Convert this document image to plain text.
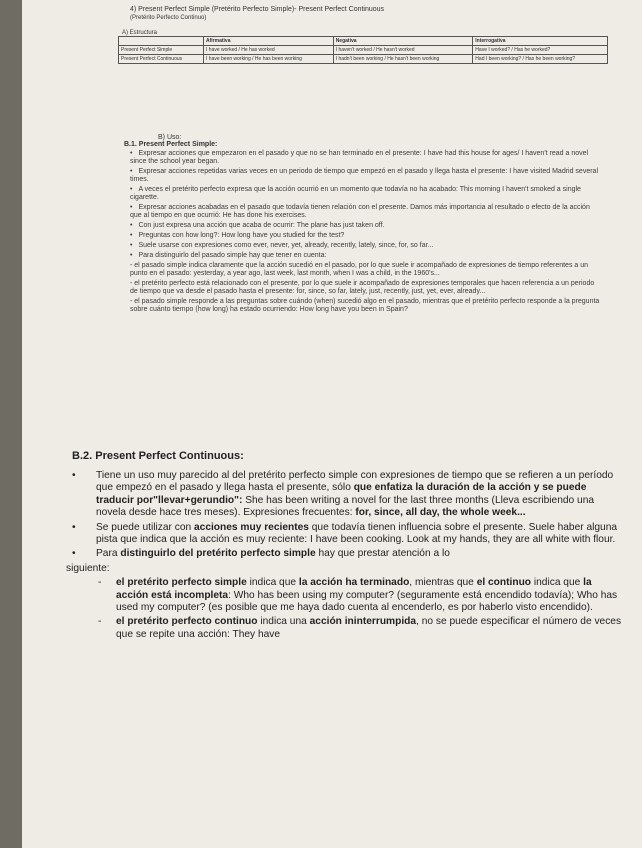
4) Present Perfect Simple (Pretérito Perfecto Simple)- Present Perfect Continuous
(Pretérito Perfecto Continuo)
A) Estructura
	Afirmativa	Negativa	Interrogativa
Present Perfect Simple	I have worked / He has worked	I haven't worked / He hasn't worked	Have I worked? / Has he worked?
Present Perfect Continuous	I have been working / He has been working	I hadn't been working / He hasn't been working	Had I been working? / Has he been working?
B) Uso:
B.1. Present Perfect Simple:

• Expresar acciones que empezaron en el pasado y que no se han terminado en el presente: I have had this house for ages/ I haven't read a novel since the school year began.

• Expresar acciones repetidas varias veces en un periodo de tiempo que empezó en el pasado y llega hasta el presente: I have visited Madrid several times.

• A veces el pretérito perfecto expresa que la acción ocurrió en un momento que todavía no ha acabado: This morning I haven't smoked a single cigarette.

• Expresar acciones acabadas en el pasado que todavía tienen relación con el presente. Damos más importancia al resultado o efecto de la acción que al tiempo en que ocurrió: He has done his exercises.

• Con just expresa una acción que acaba de ocurrir: The plane has just taken off.

• Preguntas con how long?: How long have you studied for the test?

• Suele usarse con expresiones como ever, never, yet, already, recently, lately, since, for, so far...

• Para distinguirlo del pasado simple hay que tener en cuenta:

- el pasado simple indica claramente que la acción sucedió en el pasado, por lo que suele ir acompañado de expresiones de tiempo referentes a un punto en el pasado: yesterday, a year ago, last week, last month, when I was a child, in the 1960's...

- el pretérito perfecto está relacionado con el presente, por lo que suele ir acompañado de expresiones temporales que hacen referencia a un periodo de tiempo que va desde el pasado hasta el presente: for, since, so far, lately, just, recently, just, yet, ever, already...

- el pasado simple responde a las preguntas sobre cuándo (when) sucedió algo en el pasado, mientras que el pretérito perfecto responde a la pregunta sobre cuánto tiempo (how long) ha estado ocurriendo: How long have you been in Spain?

B.2. Present Perfect Continuous:
• Tiene un uso muy parecido al del pretérito perfecto simple con expresiones de tiempo que se refieren a un período que empezó en el pasado y llega hasta el presente, sólo que enfatiza la duración de la acción y se puede traducir por"llevar+gerundio": She has been writing a novel for the last three months (Lleva escribiendo una novela desde hace tres meses). Expresiones frecuentes: for, since, all day, the whole week...
• Se puede utilizar con acciones muy recientes que todavía tienen influencia sobre el presente. Suele haber alguna pista que indica que la acción es muy reciente: I have been cooking. Look at my hands, they are all white with flour.
• Para distinguirlo del pretérito perfecto simple hay que prestar atención a lo
siguiente:
- el pretérito perfecto simple indica que la acción ha terminado, mientras que el continuo indica que la acción está incompleta: Who has been using my computer? (seguramente está encendido todavía); Who has used my computer? (es posible que me haya dado cuenta al encenderlo, es por haberlo visto encendido).
- el pretérito perfecto continuo indica una acción ininterrumpida, no se puede especificar el número de veces que se repite una acción: They have
